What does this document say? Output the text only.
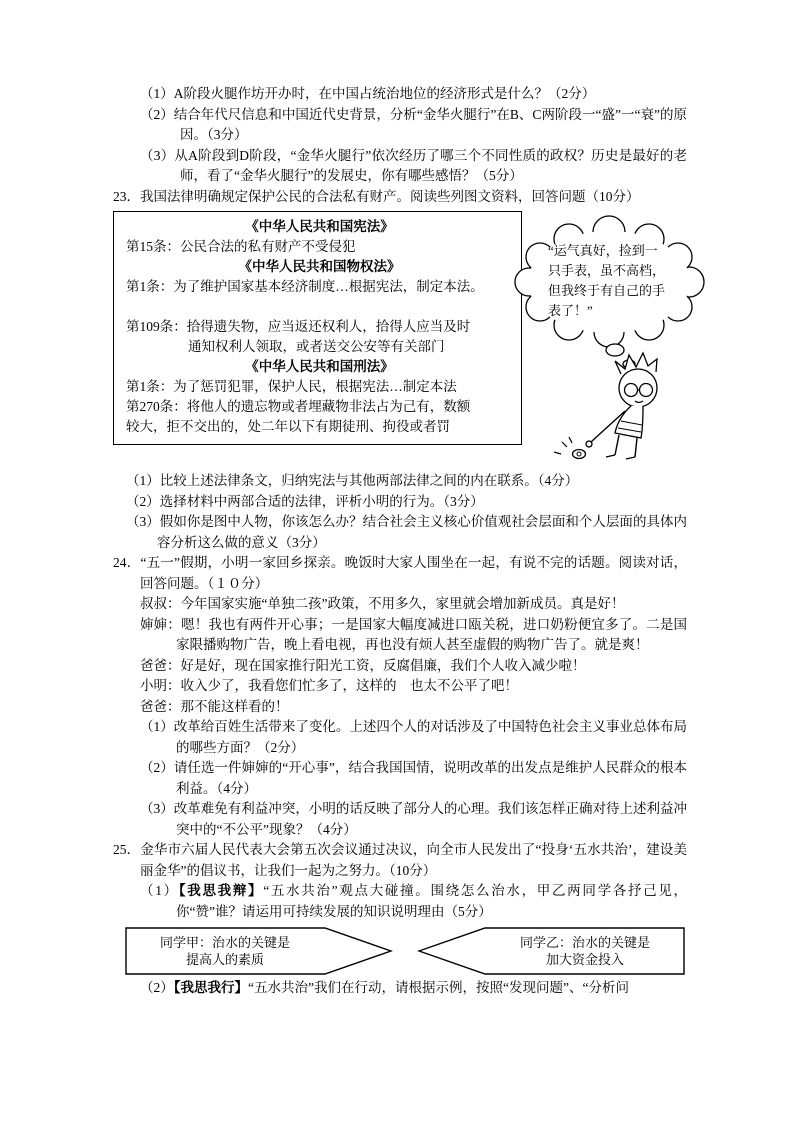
（1）A阶段火腿作坊开办时，在中国占统治地位的经济形式是什么？（2分）

（2）结合年代尺信息和中国近代史背景，分析“金华火腿行”在B、C两阶段一“盛”一“衰”的原因。（3分）

（3）从A阶段到D阶段，“金华火腿行”依次经历了哪三个不同性质的政权？历史是最好的老师，看了“金华火腿行”的发展史，你有哪些感悟？（5分）

23．我国法律明确规定保护公民的合法私有财产。阅读些列图文资料，回答问题（10分）

《中华人民共和国宪法》
第15条：公民合法的私有财产不受侵犯
《中华人民共和国物权法》
第1条：为了维护国家基本经济制度…根据宪法，制定本法。
第109条：拾得遗失物，应当返还权利人，拾得人应当及时
通知权利人领取，或者送交公安等有关部门
《中华人民共和国刑法》
第1条：为了惩罚犯罪，保护人民，根据宪法…制定本法
第270条：将他人的遗忘物或者埋藏物非法占为己有，数额
较大，拒不交出的，处二年以下有期徒刑、拘役或者罚

（1）比较上述法律条文，归纳宪法与其他两部法律之间的内在联系。（4分）

（2）选择材料中两部合适的法律，评析小明的行为。（3分）

（3）假如你是图中人物，你该怎么办？结合社会主义核心价值观社会层面和个人层面的具体内容分析这么做的意义（3分）

24．“五一”假期，小明一家回乡探亲。晚饭时大家人围坐在一起，有说不完的话题。阅读对话，回答问题。（１０分）

叔叔：今年国家实施“单独二孩”政策，不用多久，家里就会增加新成员。真是好！

婶婶：嗯！我也有两件开心事；一是国家大幅度减进口瓯关税，进口奶粉便宜多了。二是国家限播购物广告，晚上看电视，再也没有烦人甚至虚假的购物广告了。就是爽！

爸爸：好是好，现在国家推行阳光工资，反腐倡廉，我们个人收入减少啦！

小明：收入少了，我看您们忙多了，这样的　也太不公平了吧！

爸爸：那不能这样看的！

（1）改革给百姓生活带来了变化。上述四个人的对话涉及了中国特色社会主义事业总体布局的哪些方面？（2分）

（2）请任选一件婶婶的“开心事”，结合我国国情，说明改革的出发点是维护人民群众的根本利益。（4分）

（3）改革难免有利益冲突，小明的话反映了部分人的心理。我们该怎样正确对待上述利益冲突中的“不公平”现象？（4分）

25．金华市六届人民代表大会第五次会议通过决议，向全市人民发出了“投身‘五水共治’，建设美丽金华”的倡议书，让我们一起为之努力。（10分）

（1）【我思我辩】“五水共治”观点大碰撞。围绕怎么治水，甲乙两同学各抒己见，你“赞”谁？请运用可持续发展的知识说明理由（5分）

同学甲：治水的关键是
提高人的素质
同学乙：治水的关键是
加大资金投入

（2）【我思我行】“五水共治”我们在行动，请根据示例，按照“发现问题”、“分析问

“运气真好，捡到一只手表，虽不高档，但我终于有自己的手表了！”
